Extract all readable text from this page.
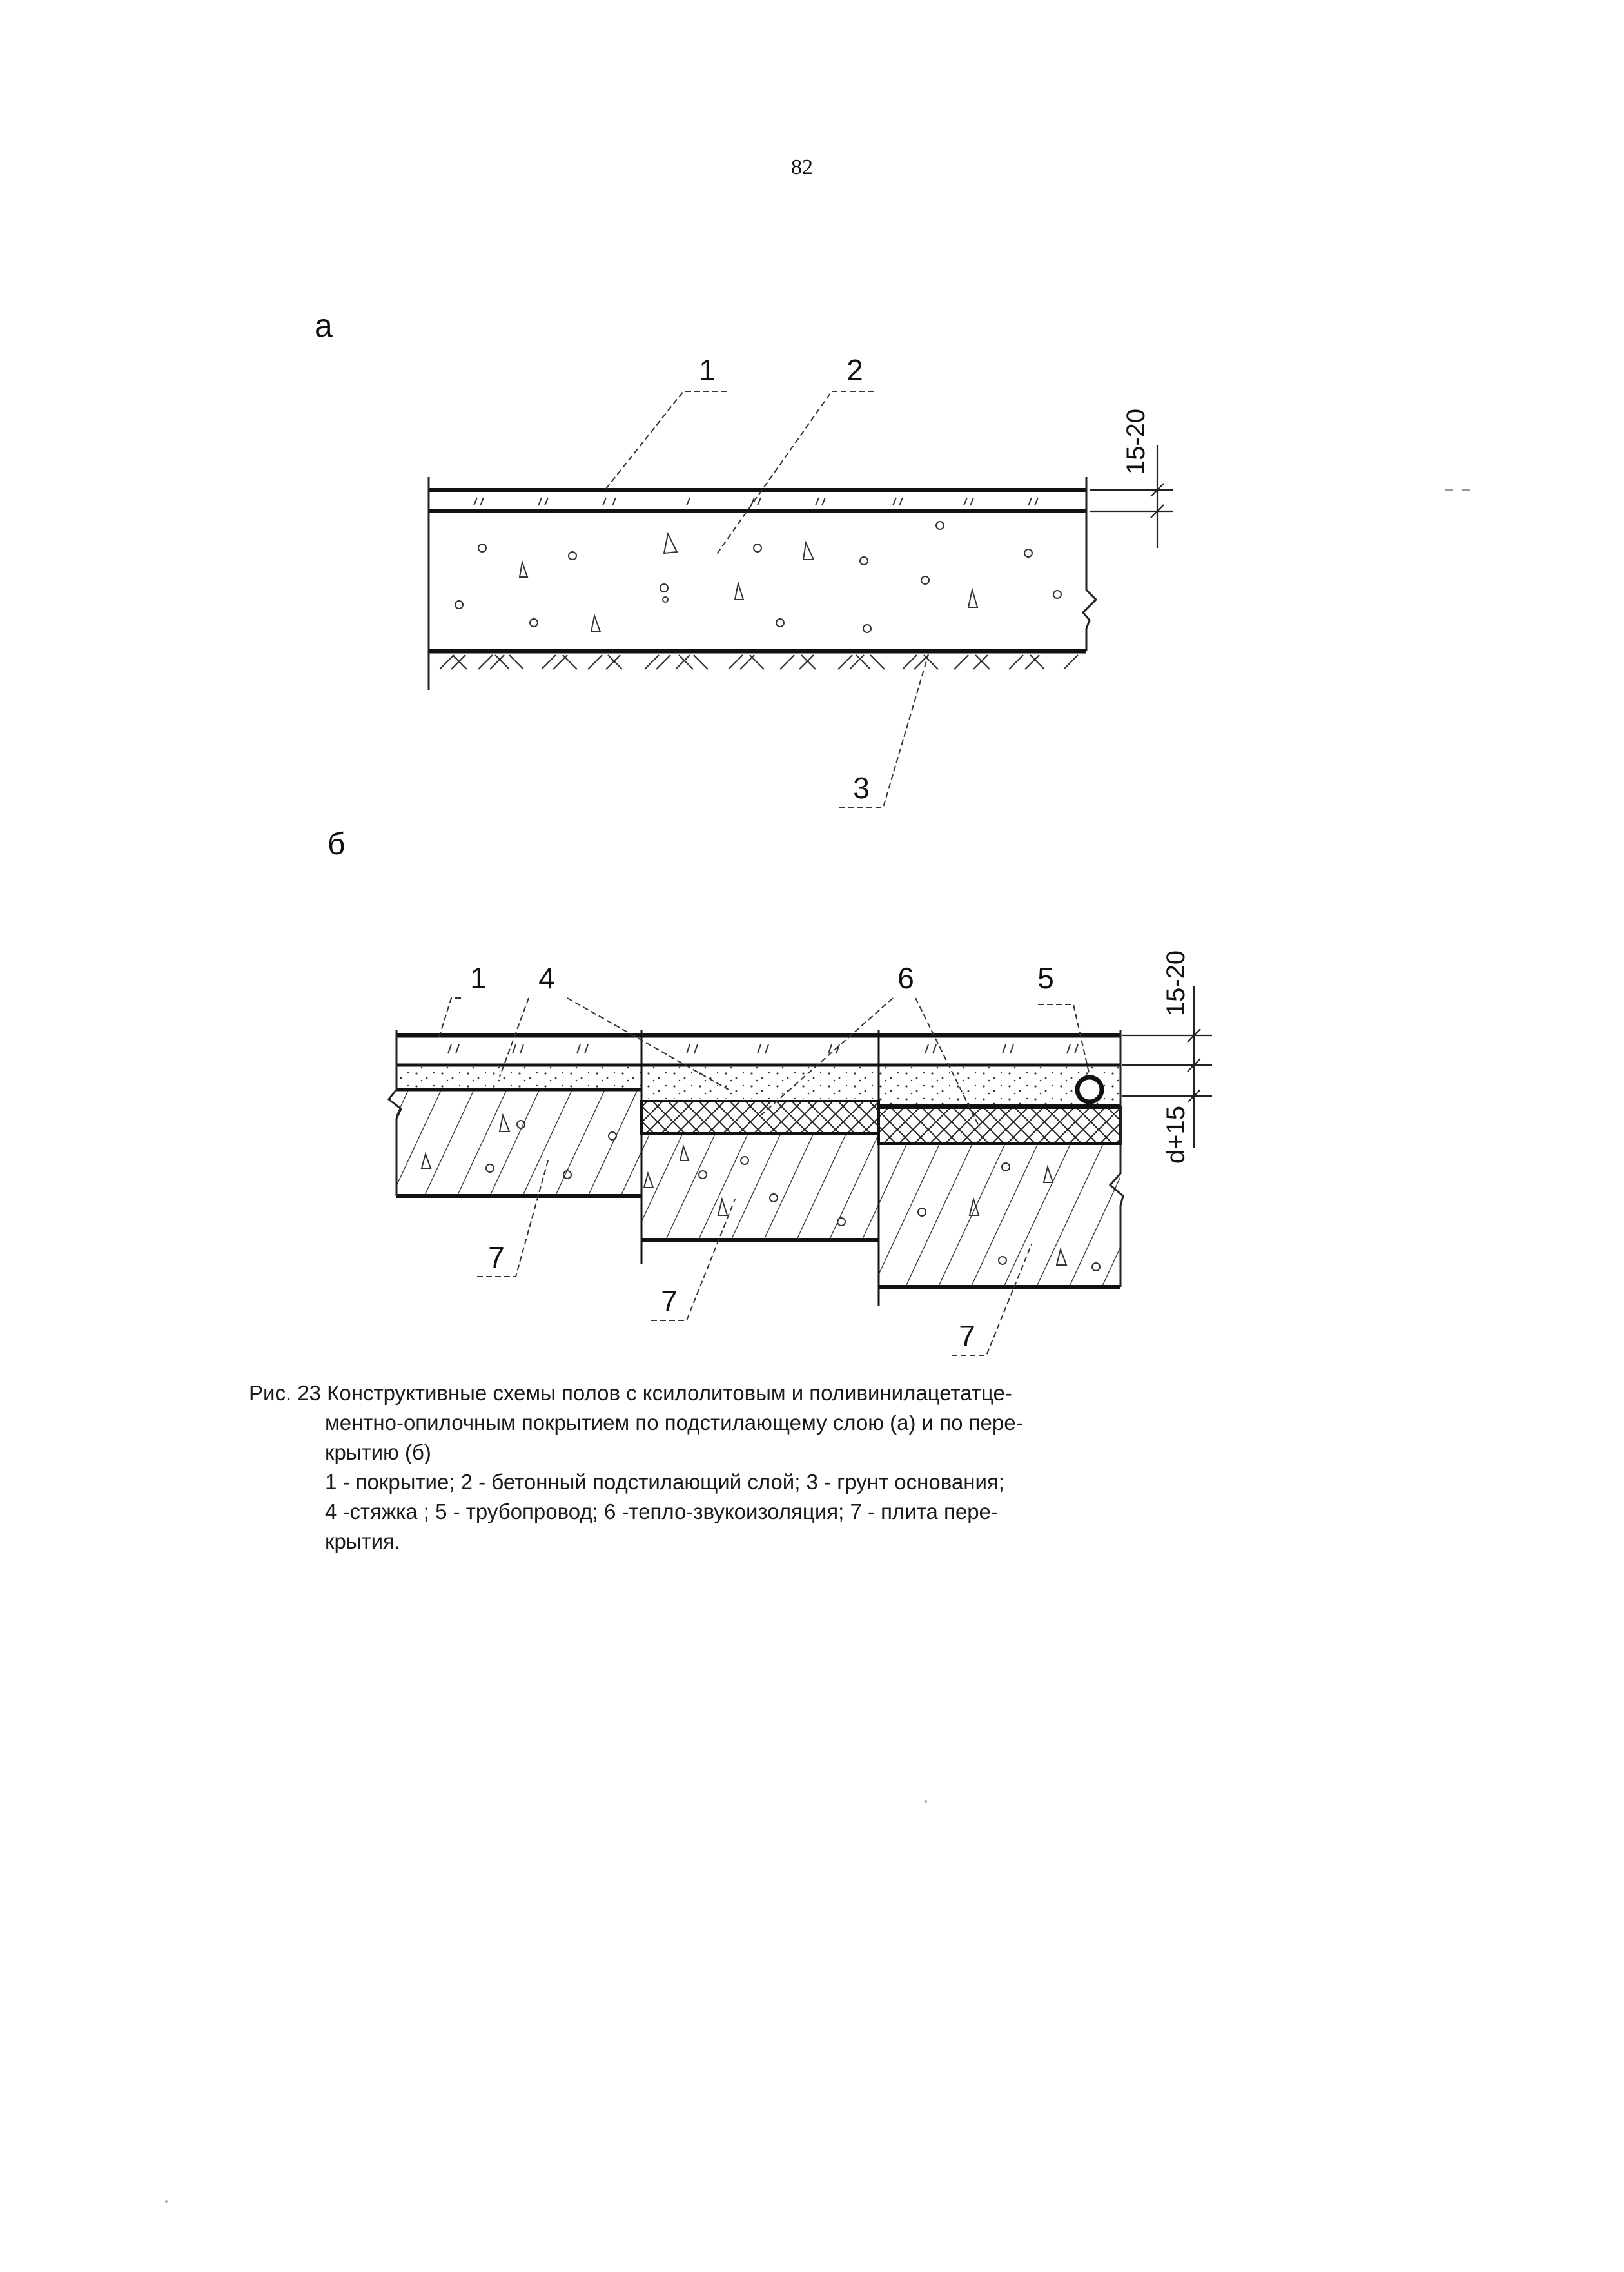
82
а
1	2
3
15-20
б
1 4	6	5
7
7
7
15-20
d+15

Рис. 23 Конструктивные схемы полов с ксилолитовым и поливинилацетатце-

ментно-опилочным покрытием по подстилающему слою (а) и по пере-

крытию (б)

1 - покрытие; 2 - бетонный подстилающий слой; 3 - грунт основания;

4 -стяжка ; 5 - трубопровод; 6 -тепло-звукоизоляция; 7 - плита пере-

крытия.
